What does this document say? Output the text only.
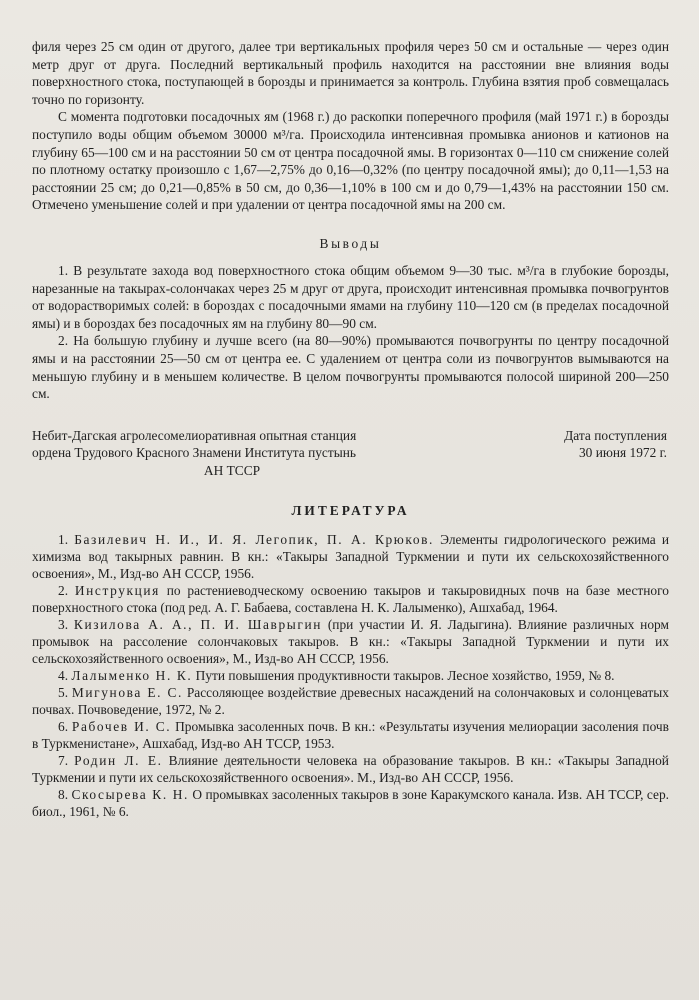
филя через 25 см один от другого, далее три вертикальных профиля через 50 см и остальные — через один метр друг от друга. Последний вертикальный профиль находится на расстоянии вне влияния воды поверхностного стока, поступающей в борозды и принимается за контроль. Глубина взятия проб совмещалась точно по горизонту.

С момента подготовки посадочных ям (1968 г.) до раскопки поперечного профиля (май 1971 г.) в борозды поступило воды общим объемом 30000 м³/га. Происходила интенсивная промывка анионов и катионов на глубину 65—100 см и на расстоянии 50 см от центра посадочной ямы. В горизонтах 0—110 см снижение солей по плотному остатку произошло с 1,67—2,75% до 0,16—0,32% (по центру посадочной ямы); до 0,11—1,53 на расстоянии 25 см; до 0,21—0,85% в 50 см, до 0,36—1,10% в 100 см и до 0,79—1,43% на расстоянии 150 см. Отмечено уменьшение солей и при удалении от центра посадочной ямы на 200 см.

Выводы

1. В результате захода вод поверхностного стока общим объемом 9—30 тыс. м³/га в глубокие борозды, нарезанные на такырах-солончаках через 25 м друг от друга, происходит интенсивная промывка почвогрунтов от водорастворимых солей: в бороздах с посадочными ямами на глубину 110—120 см (в пределах посадочной ямы) и в бороздах без посадочных ям на глубину 80—90 см.

2. На большую глубину и лучше всего (на 80—90%) промываются почвогрунты по центру посадочной ямы и на расстоянии 25—50 см от центра ее. С удалением от центра соли из почвогрунтов вымываются на меньшую глубину и в меньшем количестве. В целом почвогрунты промываются полосой шириной 200—250 см.

Небит-Дагская агролесомелиоративная опытная станция
ордена Трудового Красного Знамени Института пустынь

АН ТССР
Дата поступления
30 июня 1972 г.
ЛИТЕРАТУРА

1. Базилевич Н. И., И. Я. Легопик, П. А. Крюков. Элементы гидрологического режима и химизма вод такырных равнин. В кн.: «Такыры Западной Туркмении и пути их сельскохозяйственного освоения», М., Изд-во АН СССР, 1956.

2. Инструкция по растениеводческому освоению такыров и такыровидных почв на базе местного поверхностного стока (под ред. А. Г. Бабаева, составлена Н. К. Лалыменко), Ашхабад, 1964.

3. Кизилова А. А., П. И. Шаврыгин (при участии И. Я. Ладыгина). Влияние различных норм промывок на рассоление солончаковых такыров. В кн.: «Такыры Западной Туркмении и пути их сельскохозяйственного освоения», М., Изд-во АН СССР, 1956.

4. Лалыменко Н. К. Пути повышения продуктивности такыров. Лесное хозяйство, 1959, № 8.

5. Мигунова Е. С. Рассоляющее воздействие древесных насаждений на солончаковых и солонцеватых почвах. Почвоведение, 1972, № 2.

6. Рабочев И. С. Промывка засоленных почв. В кн.: «Результаты изучения мелиорации засоления почв в Туркменистане», Ашхабад, Изд-во АН ТССР, 1953.

7. Родин Л. Е. Влияние деятельности человека на образование такыров. В кн.: «Такыры Западной Туркмении и пути их сельскохозяйственного освоения». М., Изд-во АН СССР, 1956.

8. Скосырева К. Н. О промывках засоленных такыров в зоне Каракумского канала. Изв. АН ТССР, сер. биол., 1961, № 6.
